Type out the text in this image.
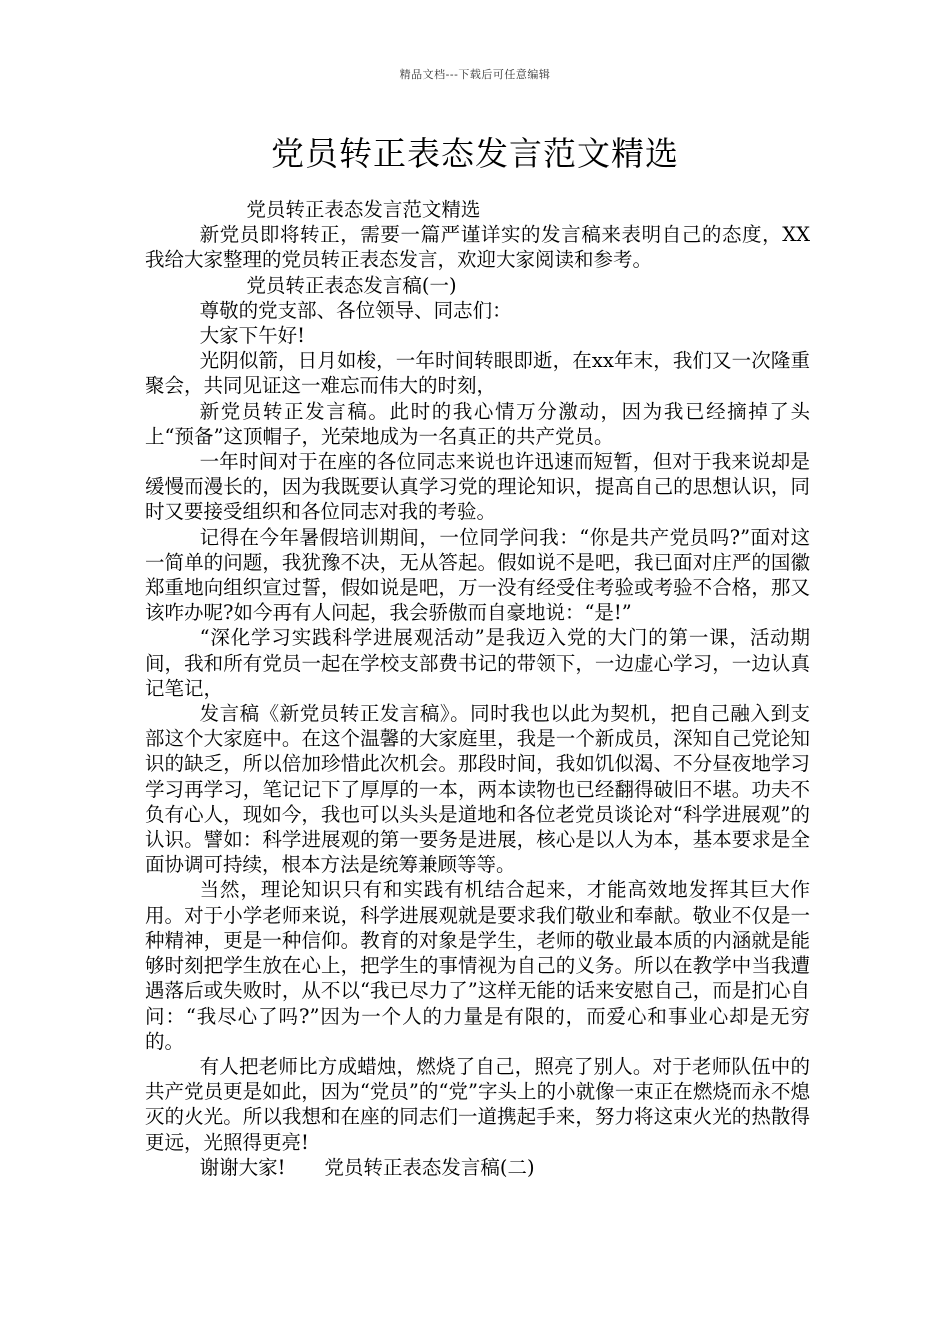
精品文档---下载后可任意编辑
党员转正表态发言范文精选

党员转正表态发言范文精选

新党员即将转正，需要一篇严谨详实的发言稿来表明自己的态度，XX我给大家整理的党员转正表态发言，欢迎大家阅读和参考。

党员转正表态发言稿(一)

尊敬的党支部、各位领导、同志们：

大家下午好!

光阴似箭，日月如梭，一年时间转眼即逝，在xx年末，我们又一次隆重聚会，共同见证这一难忘而伟大的时刻，

新党员转正发言稿。此时的我心情万分激动，因为我已经摘掉了头上“预备”这顶帽子，光荣地成为一名真正的共产党员。

一年时间对于在座的各位同志来说也许迅速而短暂，但对于我来说却是缓慢而漫长的，因为我既要认真学习党的理论知识，提高自己的思想认识，同时又要接受组织和各位同志对我的考验。

记得在今年暑假培训期间，一位同学问我：“你是共产党员吗?”面对这一简单的问题，我犹豫不决，无从答起。假如说不是吧，我已面对庄严的国徽郑重地向组织宣过誓，假如说是吧，万一没有经受住考验或考验不合格，那又该咋办呢?如今再有人问起，我会骄傲而自豪地说：“是!”

“深化学习实践科学进展观活动”是我迈入党的大门的第一课，活动期间，我和所有党员一起在学校支部费书记的带领下，一边虚心学习，一边认真记笔记，

发言稿《新党员转正发言稿》。同时我也以此为契机，把自己融入到支部这个大家庭中。在这个温馨的大家庭里，我是一个新成员，深知自己党论知识的缺乏，所以倍加珍惜此次机会。那段时间，我如饥似渴、不分昼夜地学习学习再学习，笔记记下了厚厚的一本，两本读物也已经翻得破旧不堪。功夫不负有心人，现如今，我也可以头头是道地和各位老党员谈论对“科学进展观”的认识。譬如：科学进展观的第一要务是进展，核心是以人为本，基本要求是全面协调可持续，根本方法是统筹兼顾等等。

当然，理论知识只有和实践有机结合起来，才能高效地发挥其巨大作用。对于小学老师来说，科学进展观就是要求我们敬业和奉献。敬业不仅是一种精神，更是一种信仰。教育的对象是学生，老师的敬业最本质的内涵就是能够时刻把学生放在心上，把学生的事情视为自己的义务。所以在教学中当我遭遇落后或失败时，从不以“我已尽力了”这样无能的话来安慰自己，而是扪心自问：“我尽心了吗?”因为一个人的力量是有限的，而爱心和事业心却是无穷的。

有人把老师比方成蜡烛，燃烧了自己，照亮了别人。对于老师队伍中的共产党员更是如此，因为“党员”的“党”字头上的小就像一束正在燃烧而永不熄灭的火光。所以我想和在座的同志们一道携起手来，努力将这束火光的热散得更远，光照得更亮!

谢谢大家!　　党员转正表态发言稿(二)
